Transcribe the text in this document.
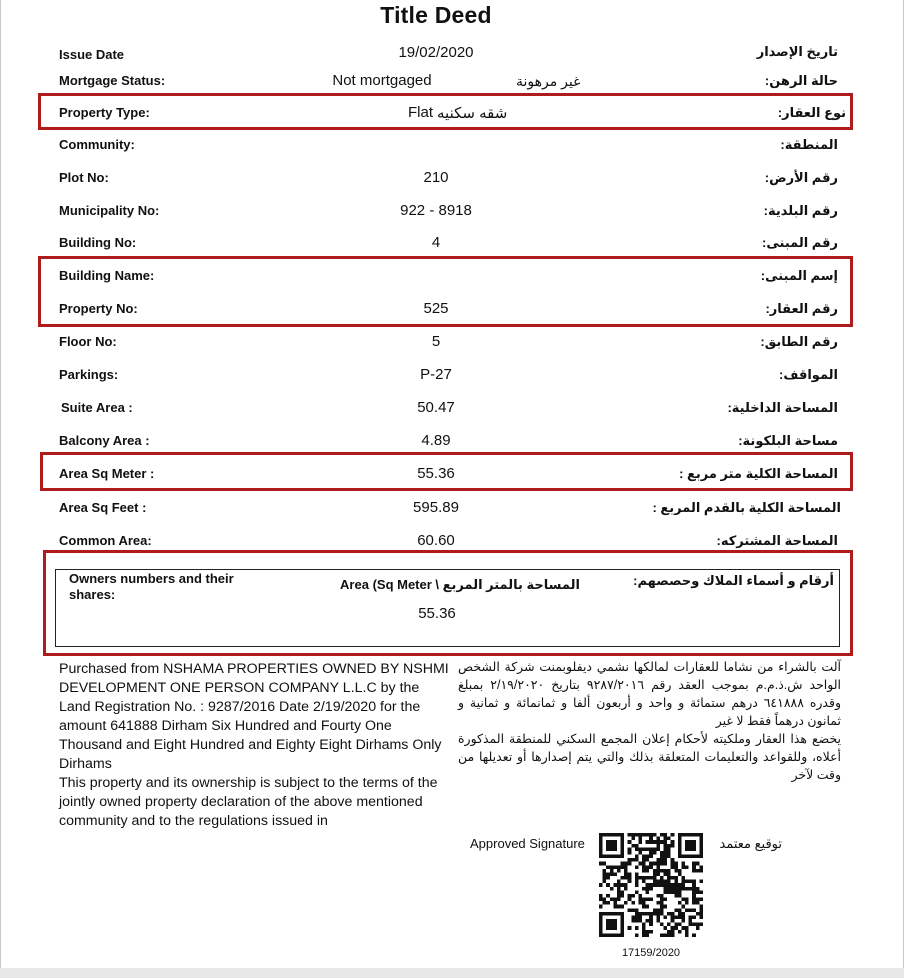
Title Deed
Issue Date	19/02/2020	تاريخ الإصدار
Mortgage Status:	Not mortgaged	غير مرهونة	حالة الرهن:
Property Type:	Flat شقه سكنيه	نوع العقار:
Community:	المنطقة:
Plot No:	210	رقم الأرض:
Municipality No:	922 - 8918	رقم البلدية:
Building No:	4	رقم المبنى:
Building Name:	إسم المبنى:
Property No:	525	رقم العقار:
Floor No:	5	رقم الطابق:
Parkings:	P-27	المواقف:
Suite Area :	50.47	المساحة الداخلية:
Balcony Area :	4.89	مساحة البلكونة:
Area Sq Meter :	55.36	المساحة الكلية متر مربع :
Area Sq Feet :	595.89	المساحة الكلية بالقدم المربع :
Common Area:	60.60	المساحة المشتركه:
Owners numbers and their shares:
Area (Sq Meter \ المساحة بالمتر المربع	أرقام و أسماء الملاك وحصصهم:
55.36

Purchased from NSHAMA PROPERTIES OWNED BY NSHMI DEVELOPMENT ONE PERSON COMPANY L.L.C by the Land Registration No. : 9287/2016 Date 2/19/2020 for the amount 641888 Dirham Six Hundred and Fourty One Thousand and Eight Hundred and Eighty Eight Dirhams Only Dirhams

This property and its ownership is subject to the terms of the jointly owned property declaration of the above mentioned community and to the regulations issued in

آلت بالشراء من نشاما للعقارات لمالكها نشمي ديفلوبمنت شركة الشخص الواحد ش.ذ.م.م بموجب العقد رقم ٩٢٨٧/٢٠١٦ بتاريخ ٢/١٩/٢٠٢٠ بمبلغ وقدره ٦٤١٨٨٨ درهم ستمائة و واحد و أربعون ألفا و ثمانمائة و ثمانية و ثمانون درهماً فقط لا غير
يخضع هذا العقار وملكيته لأحكام إعلان المجمع السكني للمنطقة المذكورة أعلاه، وللقواعد والتعليمات المتعلقة بذلك والتي يتم إصدارها أو تعديلها من وقت لآخر
Approved Signature	توقيع معتمد
17159/2020
